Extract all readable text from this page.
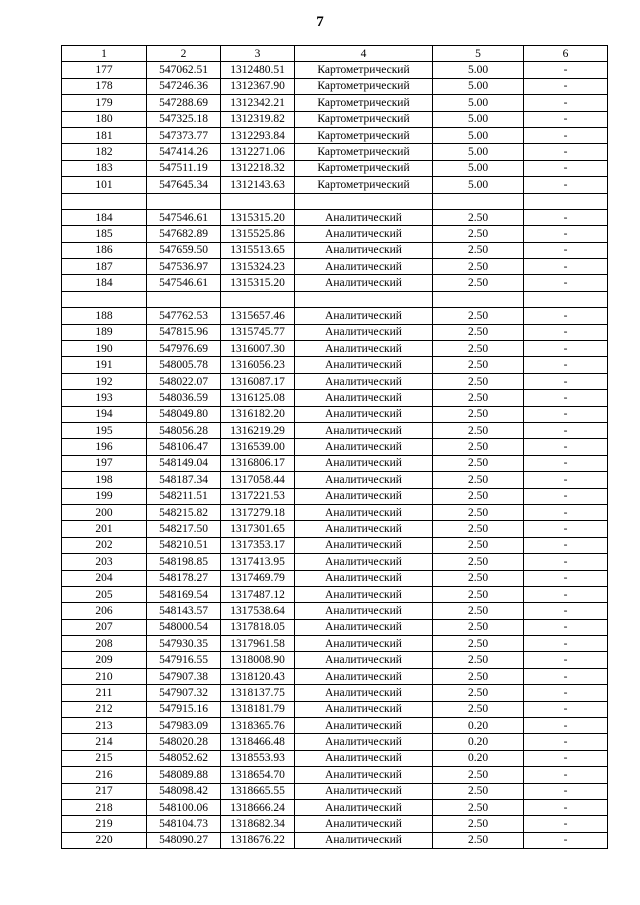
7
1	2	3	4	5	6
177	547062.51	1312480.51	Картометрический	5.00	-
178	547246.36	1312367.90	Картометрический	5.00	-
179	547288.69	1312342.21	Картометрический	5.00	-
180	547325.18	1312319.82	Картометрический	5.00	-
181	547373.77	1312293.84	Картометрический	5.00	-
182	547414.26	1312271.06	Картометрический	5.00	-
183	547511.19	1312218.32	Картометрический	5.00	-
101	547645.34	1312143.63	Картометрический	5.00	-

184	547546.61	1315315.20	Аналитический	2.50	-
185	547682.89	1315525.86	Аналитический	2.50	-
186	547659.50	1315513.65	Аналитический	2.50	-
187	547536.97	1315324.23	Аналитический	2.50	-
184	547546.61	1315315.20	Аналитический	2.50	-

188	547762.53	1315657.46	Аналитический	2.50	-
189	547815.96	1315745.77	Аналитический	2.50	-
190	547976.69	1316007.30	Аналитический	2.50	-
191	548005.78	1316056.23	Аналитический	2.50	-
192	548022.07	1316087.17	Аналитический	2.50	-
193	548036.59	1316125.08	Аналитический	2.50	-
194	548049.80	1316182.20	Аналитический	2.50	-
195	548056.28	1316219.29	Аналитический	2.50	-
196	548106.47	1316539.00	Аналитический	2.50	-
197	548149.04	1316806.17	Аналитический	2.50	-
198	548187.34	1317058.44	Аналитический	2.50	-
199	548211.51	1317221.53	Аналитический	2.50	-
200	548215.82	1317279.18	Аналитический	2.50	-
201	548217.50	1317301.65	Аналитический	2.50	-
202	548210.51	1317353.17	Аналитический	2.50	-
203	548198.85	1317413.95	Аналитический	2.50	-
204	548178.27	1317469.79	Аналитический	2.50	-
205	548169.54	1317487.12	Аналитический	2.50	-
206	548143.57	1317538.64	Аналитический	2.50	-
207	548000.54	1317818.05	Аналитический	2.50	-
208	547930.35	1317961.58	Аналитический	2.50	-
209	547916.55	1318008.90	Аналитический	2.50	-
210	547907.38	1318120.43	Аналитический	2.50	-
211	547907.32	1318137.75	Аналитический	2.50	-
212	547915.16	1318181.79	Аналитический	2.50	-
213	547983.09	1318365.76	Аналитический	0.20	-
214	548020.28	1318466.48	Аналитический	0.20	-
215	548052.62	1318553.93	Аналитический	0.20	-
216	548089.88	1318654.70	Аналитический	2.50	-
217	548098.42	1318665.55	Аналитический	2.50	-
218	548100.06	1318666.24	Аналитический	2.50	-
219	548104.73	1318682.34	Аналитический	2.50	-
220	548090.27	1318676.22	Аналитический	2.50	-
